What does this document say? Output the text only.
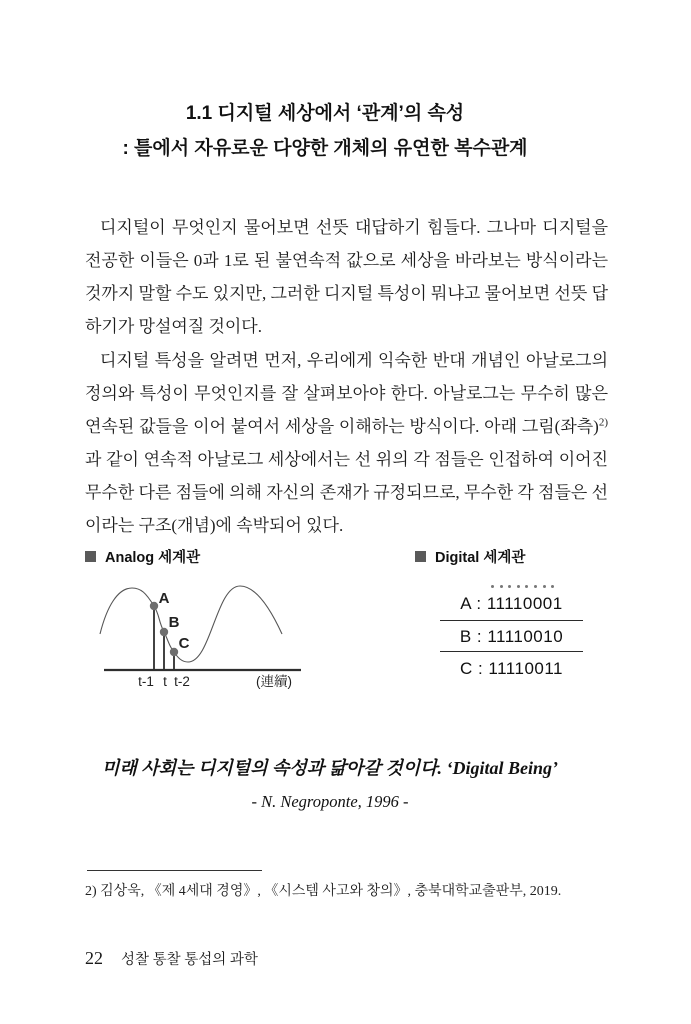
1.1 디지털 세상에서 ‘관계’의 속성
: 틀에서 자유로운 다양한 개체의 유연한 복수관계

디지털이 무엇인지 물어보면 선뜻 대답하기 힘들다. 그나마 디지털을 전공한 이들은 0과 1로 된 불연속적 값으로 세상을 바라보는 방식이라는 것까지 말할 수도 있지만, 그러한 디지털 특성이 뭐냐고 물어보면 선뜻 답하기가 망설여질 것이다.

디지털 특성을 알려면 먼저, 우리에게 익숙한 반대 개념인 아날로그의 정의와 특성이 무엇인지를 잘 살펴보아야 한다. 아날로그는 무수히 많은 연속된 값들을 이어 붙여서 세상을 이해하는 방식이다. 아래 그림(좌측)$^{2)}$과 같이 연속적 아날로그 세상에서는 선 위의 각 점들은 인접하여 이어진 무수한 다른 점들에 의해 자신의 존재가 규정되므로, 무수한 각 점들은 선이라는 구조(개념)에 속박되어 있다.

Analog 세계관	Digital 세계관
A
B
C
t-1 t t-2	(連續)
A : 11110001
B : 11110010
C : 11110011
미래 사회는 디지털의 속성과 닮아갈 것이다. ‘Digital Being’
- N. Negroponte, 1996 -
2) 김상욱, 《제 4세대 경영》, 《시스템 사고와 창의》, 충북대학교출판부, 2019.
22 성찰 통찰 통섭의 과학
